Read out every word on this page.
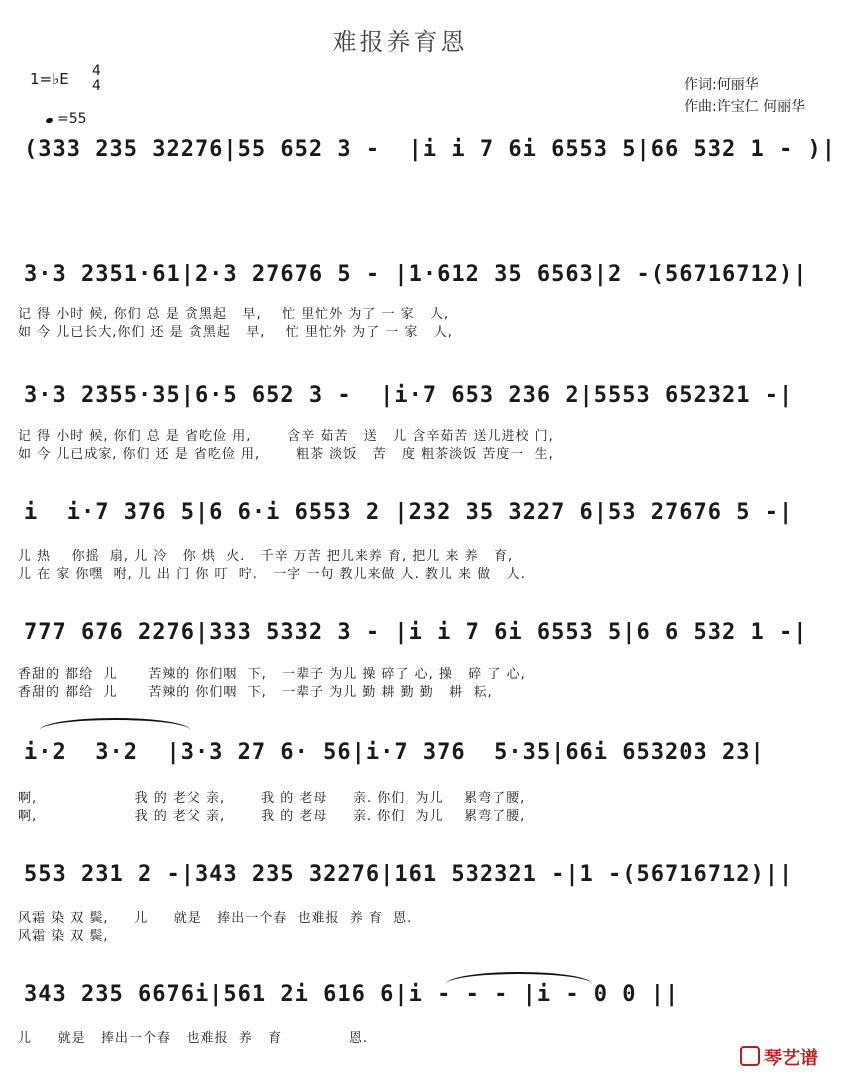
难报养育恩
1=♭E 4
4
=55
作词:何丽华
作曲:许宝仁 何丽华
(333 235 32276|55 652 3 -  |i i 7 6i 6553 5|66 532 1 - )|
3·3 2351·61|2·3 27676 5 - |1·612 35 6563|2 -(56716712)|
记 得 小时 候, 你们 总 是 贪黑起   早,    忙 里忙外 为了 一 家   人,
如 今 儿已长大,你们 还 是 贪黑起   早,    忙 里忙外 为了 一 家   人,
3·3 2355·35|6·5 652 3 -  |i·7 653 236 2|5553 652321 -|
记 得 小时 候, 你们 总 是 省吃俭 用,       含辛 茹苦   送   儿 含辛茹苦 送儿进校 门,
如 今 儿已成家, 你们 还 是 省吃俭 用,       粗茶 淡饭   苦   度 粗茶淡饭 苦度一  生,
i  i·7 376 5|6 6·i 6553 2 |232 35 3227 6|53 27676 5 -|
儿 热    你摇  扇, 儿 冷   你 烘  火.   千辛 万苦 把儿来养 育, 把儿 来 养   育,
儿 在 家 你嘿  咐, 儿 出 门 你 叮  咛.   一字 一句 教儿来做 人. 教儿 来 做   人.
777 676 2276|333 5332 3 - |i i 7 6i 6553 5|6 6 532 1 -|
香甜的 都给  儿      苦辣的 你们咽  下,   一辈子 为儿 操 碎了 心, 操   碎 了 心,
香甜的 都给  儿      苦辣的 你们咽  下,   一辈子 为儿 勤 耕 勤 勤   耕  耘,
i·2  3·2  |3·3 27 6· 56|i·7 376  5·35|66i 653203 23|
啊,                   我 的 老父 亲,       我 的 老母     亲. 你们  为儿    累弯了腰,
啊,                   我 的 老父 亲,       我 的 老母     亲. 你们  为儿    累弯了腰,
553 231 2 -|343 235 32276|161 532321 -|1 -(56716712)||
风霜 染 双 鬓,     儿     就是   捧出一个春  也难报  养 育  恩.
风霜 染 双 鬓,
343 235 6676i|561 2i 616 6|i - - - |i - 0 0 ||
儿     就是   捧出一个春   也难报  养   育             恩.
琴艺谱
